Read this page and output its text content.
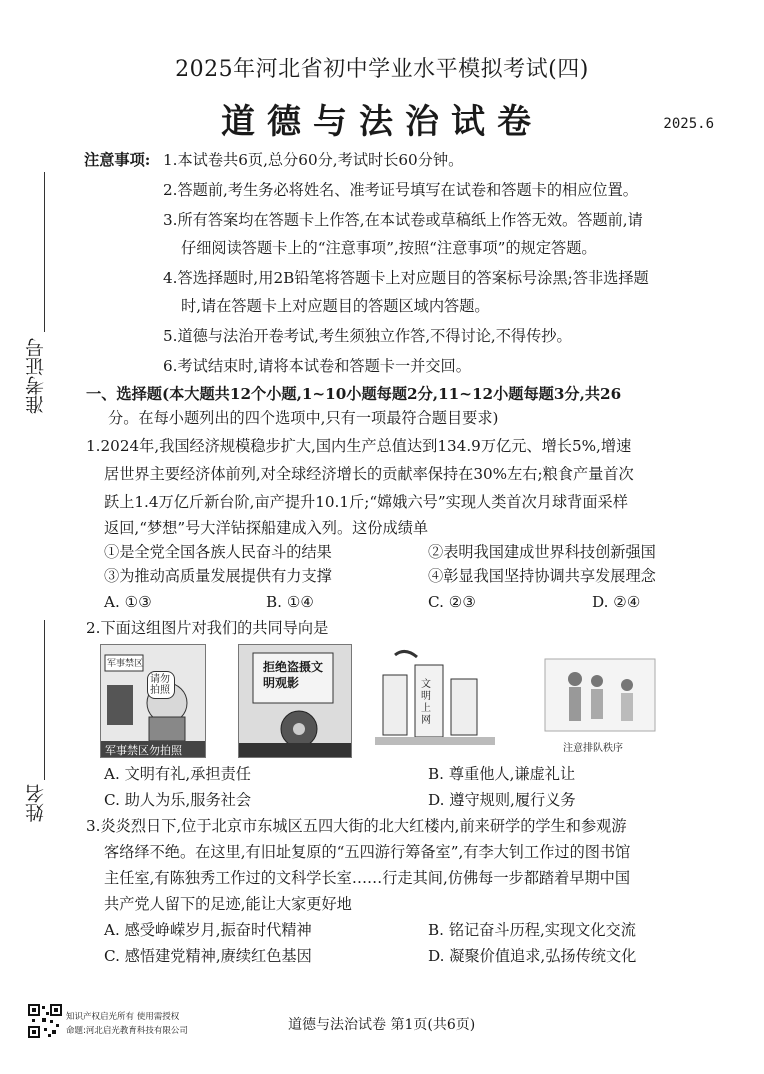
2025年河北省初中学业水平模拟考试(四)
道德与法治试卷	2025.6
准考证号
姓名
注意事项: 1.本试卷共6页,总分60分,考试时长60分钟。
2.答题前,考生务必将姓名、准考证号填写在试卷和答题卡的相应位置。
3.所有答案均在答题卡上作答,在本试卷或草稿纸上作答无效。答题前,请
仔细阅读答题卡上的“注意事项”,按照“注意事项”的规定答题。
4.答选择题时,用2B铅笔将答题卡上对应题目的答案标号涂黑;答非选择题
时,请在答题卡上对应题目的答题区域内答题。
5.道德与法治开卷考试,考生须独立作答,不得讨论,不得传抄。
6.考试结束时,请将本试卷和答题卡一并交回。
一、选择题(本大题共12个小题,1~10小题每题2分,11~12小题每题3分,共26
分。在每小题列出的四个选项中,只有一项最符合题目要求)
1.2024年,我国经济规模稳步扩大,国内生产总值达到134.9万亿元、增长5%,增速
居世界主要经济体前列,对全球经济增长的贡献率保持在30%左右;粮食产量首次
跃上1.4万亿斤新台阶,亩产提升10.1斤;“嫦娥六号”实现人类首次月球背面采样
返回,“梦想”号大洋钻探船建成入列。这份成绩单
①是全党全国各族人民奋斗的结果	②表明我国建成世界科技创新强国
③为推动高质量发展提供有力支撑	④彰显我国坚持协调共享发展理念
A. ①③	B. ①④	C. ②③	D. ②④
2.下面这组图片对我们的共同导向是
军事禁区
请勿拍照
军事禁区勿拍照
拒绝盗摄文明观影	文明上网
注意排队秩序
A. 文明有礼,承担责任	B. 尊重他人,谦虚礼让
C. 助人为乐,服务社会	D. 遵守规则,履行义务
3.炎炎烈日下,位于北京市东城区五四大街的北大红楼内,前来研学的学生和参观游
客络绎不绝。在这里,有旧址复原的“五四游行筹备室”,有李大钊工作过的图书馆
主任室,有陈独秀工作过的文科学长室……行走其间,仿佛每一步都踏着早期中国
共产党人留下的足迹,能让大家更好地
A. 感受峥嵘岁月,振奋时代精神	B. 铭记奋斗历程,实现文化交流
C. 感悟建党精神,赓续红色基因	D. 凝聚价值追求,弘扬传统文化
知识产权启光所有 使用需授权
命题:河北启光教育科技有限公司	道德与法治试卷 第1页(共6页)
